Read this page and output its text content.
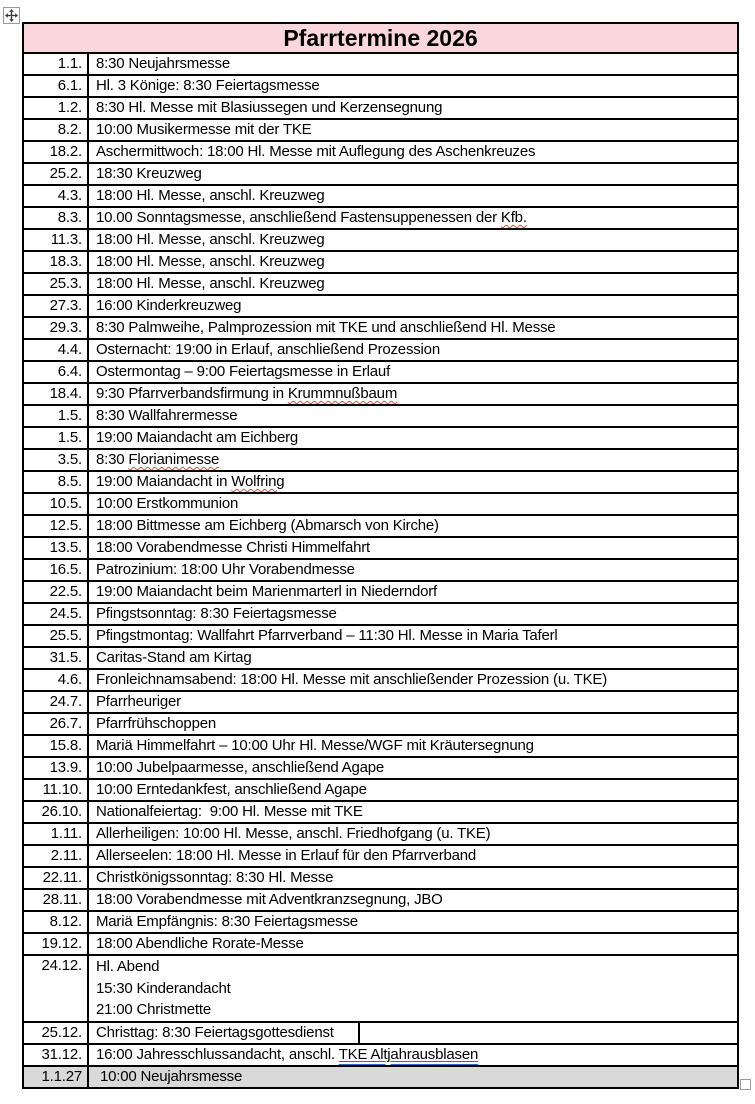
Pfarrtermine 2026		
1.1.	8:30 Neujahrsmesse	
6.1.	Hl. 3 Könige: 8:30 Feiertagsmesse	
1.2.	8:30 Hl. Messe mit Blasiussegen und Kerzensegnung	
8.2.	10:00 Musikermesse mit der TKE	
18.2.	Aschermittwoch: 18:00 Hl. Messe mit Auflegung des Aschenkreuzes	
25.2.	18:30 Kreuzweg	
4.3.	18:00 Hl. Messe, anschl. Kreuzweg	
8.3.	10.00 Sonntagsmesse, anschließend Fastensuppenessen der Kfb.	
11.3.	18:00 Hl. Messe, anschl. Kreuzweg	
18.3.	18:00 Hl. Messe, anschl. Kreuzweg	
25.3.	18:00 Hl. Messe, anschl. Kreuzweg	
27.3.	16:00 Kinderkreuzweg	
29.3.	8:30 Palmweihe, Palmprozession mit TKE und anschließend Hl. Messe	
4.4.	Osternacht: 19:00 in Erlauf, anschließend Prozession	
6.4.	Ostermontag – 9:00 Feiertagsmesse in Erlauf	
18.4.	9:30 Pfarrverbandsfirmung in Krummnußbaum	
1.5.	8:30 Wallfahrermesse	
1.5.	19:00 Maiandacht am Eichberg	
3.5.	8:30 Florianimesse	
8.5.	19:00 Maiandacht in Wolfring	
10.5.	10:00 Erstkommunion	
12.5.	18:00 Bittmesse am Eichberg (Abmarsch von Kirche)	
13.5.	18:00 Vorabendmesse Christi Himmelfahrt	
16.5.	Patrozinium: 18:00 Uhr Vorabendmesse	
22.5.	19:00 Maiandacht beim Marienmarterl in Niederndorf	
24.5.	Pfingstsonntag: 8:30 Feiertagsmesse	
25.5.	Pfingstmontag: Wallfahrt Pfarrverband – 11:30 Hl. Messe in Maria Taferl	
31.5.	Caritas-Stand am Kirtag	
4.6.	Fronleichnamsabend: 18:00 Hl. Messe mit anschließender Prozession (u. TKE)	
24.7.	Pfarrheuriger	
26.7.	Pfarrfrühschoppen	
15.8.	Mariä Himmelfahrt – 10:00 Uhr Hl. Messe/WGF mit Kräutersegnung	
13.9.	10:00 Jubelpaarmesse, anschließend Agape	
11.10.	10:00 Erntedankfest, anschließend Agape	
26.10.	Nationalfeiertag:  9:00 Hl. Messe mit TKE	
1.11.	Allerheiligen: 10:00 Hl. Messe, anschl. Friedhofgang (u. TKE)	
2.11.	Allerseelen: 18:00 Hl. Messe in Erlauf für den Pfarrverband	
22.11.	Christkönigssonntag: 8:30 Hl. Messe	
28.11.	18:00 Vorabendmesse mit Adventkranzsegnung, JBO	
8.12.	Mariä Empfängnis: 8:30 Feiertagsmesse	
19.12.	18:00 Abendliche Rorate-Messe	
24.12.	Hl. Abend
15:30 Kinderandacht
21:00 Christmette	

25.12.	Christtag: 8:30 Feiertagsgottesdienst	
31.12.	16:00 Jahresschlussandacht, anschl. TKE Altjahrausblasen	
1.1.27	10:00 Neujahrsmesse	
